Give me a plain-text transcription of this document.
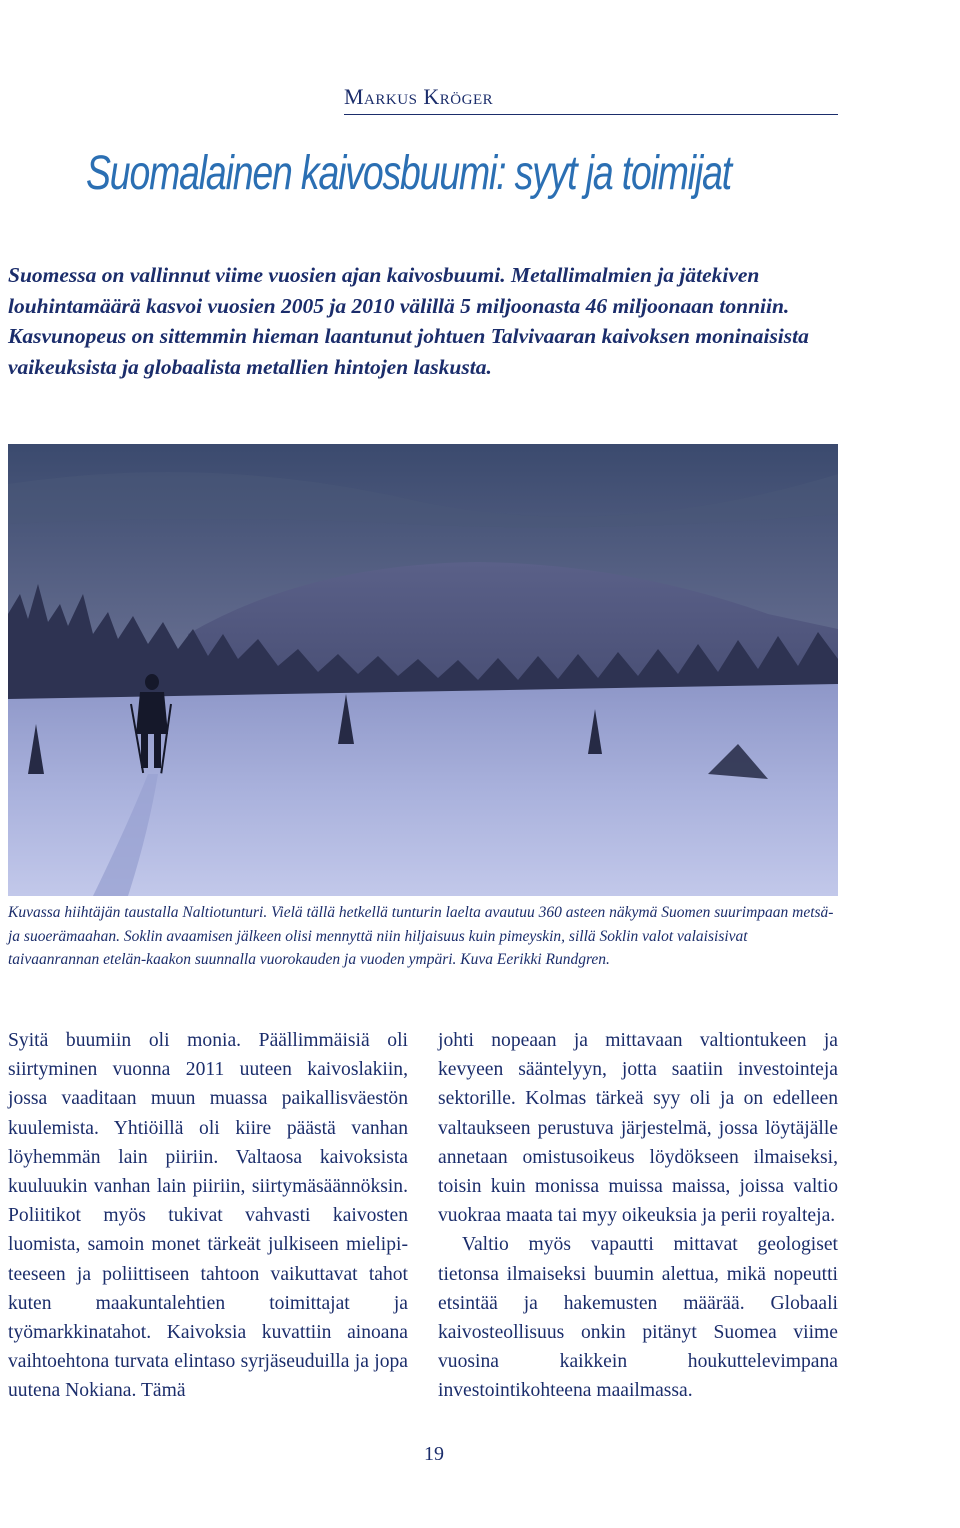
Markus Kröger
Suomalainen kaivosbuumi: syyt ja toimijat

Suomessa on vallinnut viime vuosien ajan kaivosbuumi. Metallimalmien ja jätekiven louhintamäärä kasvoi vuosien 2005 ja 2010 välillä 5 miljoonasta 46 miljoonaan tonniin. Kasvunopeus on sittemmin hieman laantunut johtuen Talvivaaran kaivoksen moninaisista vaikeuksista ja globaalista metallien hintojen laskusta.

Kuvassa hiihtäjän taustalla Naltiotunturi. Vielä tällä hetkellä tunturin laelta avautuu 360 asteen näkymä Suomen suurimpaan metsä- ja suoerämaahan. Soklin avaamisen jälkeen olisi mennyttä niin hiljaisuus kuin pimeyskin, sillä Soklin valot valaisisivat taivaanrannan etelän-kaakon suunnalla vuorokauden ja vuoden ympäri. Kuva Eerikki Rundgren.

Syitä buumiin oli monia. Päällimmäisiä oli siirtyminen vuonna 2011 uuteen kaivoslakiin, jossa vaaditaan muun muassa paikallisväestön kuulemista. Yhtiöillä oli kiire päästä vanhan löyhemmän lain piiriin. Valtaosa kaivoksista kuuluukin vanhan lain piiriin, siirtymäsäännöksin. Poliitikot myös tukivat vahvasti kaivosten luomista, samoin monet tärkeät julkiseen mielipiteeseen ja poliittiseen tahtoon vaikuttavat tahot kuten maakuntalehtien toimittajat ja työmarkkinatahot. Kaivoksia kuvattiin ainoana vaihtoehtona turvata elintaso syrjäseuduilla ja jopa uutena Nokiana. Tämä

johti nopeaan ja mittavaan valtiontukeen ja kevyeen sääntelyyn, jotta saatiin investointeja sektorille. Kolmas tärkeä syy oli ja on edelleen valtaukseen perustuva järjestelmä, jossa löytäjälle annetaan omistusoikeus löydökseen ilmaiseksi, toisin kuin monissa muissa maissa, joissa valtio vuokraa maata tai myy oikeuksia ja perii royalteja.

Valtio myös vapautti mittavat geologiset tietonsa ilmaiseksi buumin alettua, mikä nopeutti etsintää ja hakemusten määrää. Globaali kaivosteollisuus onkin pitänyt Suomea viime vuosina kaikkein houkuttelevimpana investointikohteena maailmassa.

19
